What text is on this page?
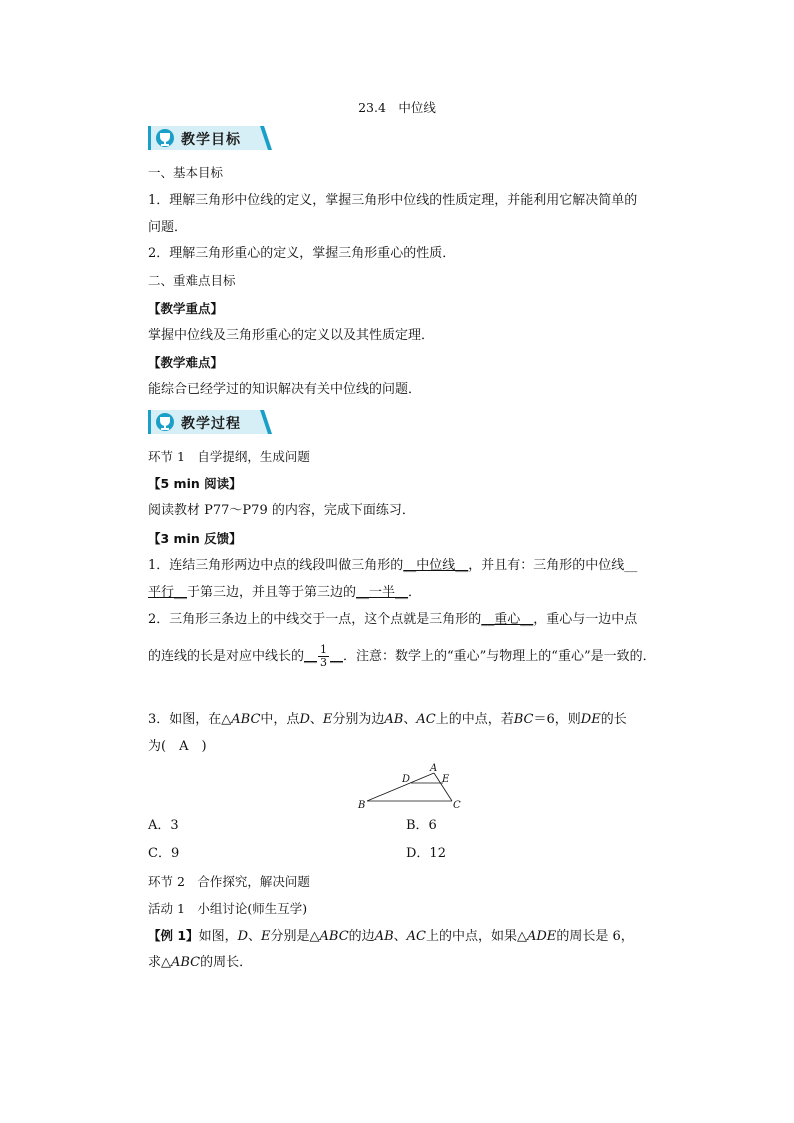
23.4　中位线
教学目标
一、基本目标
1．理解三角形中位线的定义，掌握三角形中位线的性质定理，并能利用它解决简单的
问题．
2．理解三角形重心的定义，掌握三角形重心的性质．
二、重难点目标
【教学重点】
掌握中位线及三角形重心的定义以及其性质定理．
【教学难点】
能综合已经学过的知识解决有关中位线的问题．
教学过程
环节 1　自学提纲，生成问题
【5 min 阅读】
阅读教材 P77～P79 的内容，完成下面练习．
【3 min 反馈】
1．连结三角形两边中点的线段叫做三角形的__中位线__，并且有：三角形的中位线__
平行__于第三边，并且等于第三边的__一半__．
2．三角形三条边上的中线交于一点，这个点就是三角形的__重心__，重心与一边中点
的连线的长是对应中线长的__ $\frac{1}{3}$ __．注意：数学上的“重心”与物理上的“重心”是一致的．
3．如图，在△ABC中，点D、E分别为边AB、AC上的中点，若BC＝6，则DE的长
为(　A　)
A
B	C
D	E
A．3	B．6
C．9	D．12
环节 2　合作探究，解决问题
活动 1　小组讨论(师生互学)
【例 1】如图，D、E分别是△ABC的边AB、AC上的中点，如果△ADE的周长是 6，
求△ABC的周长．
